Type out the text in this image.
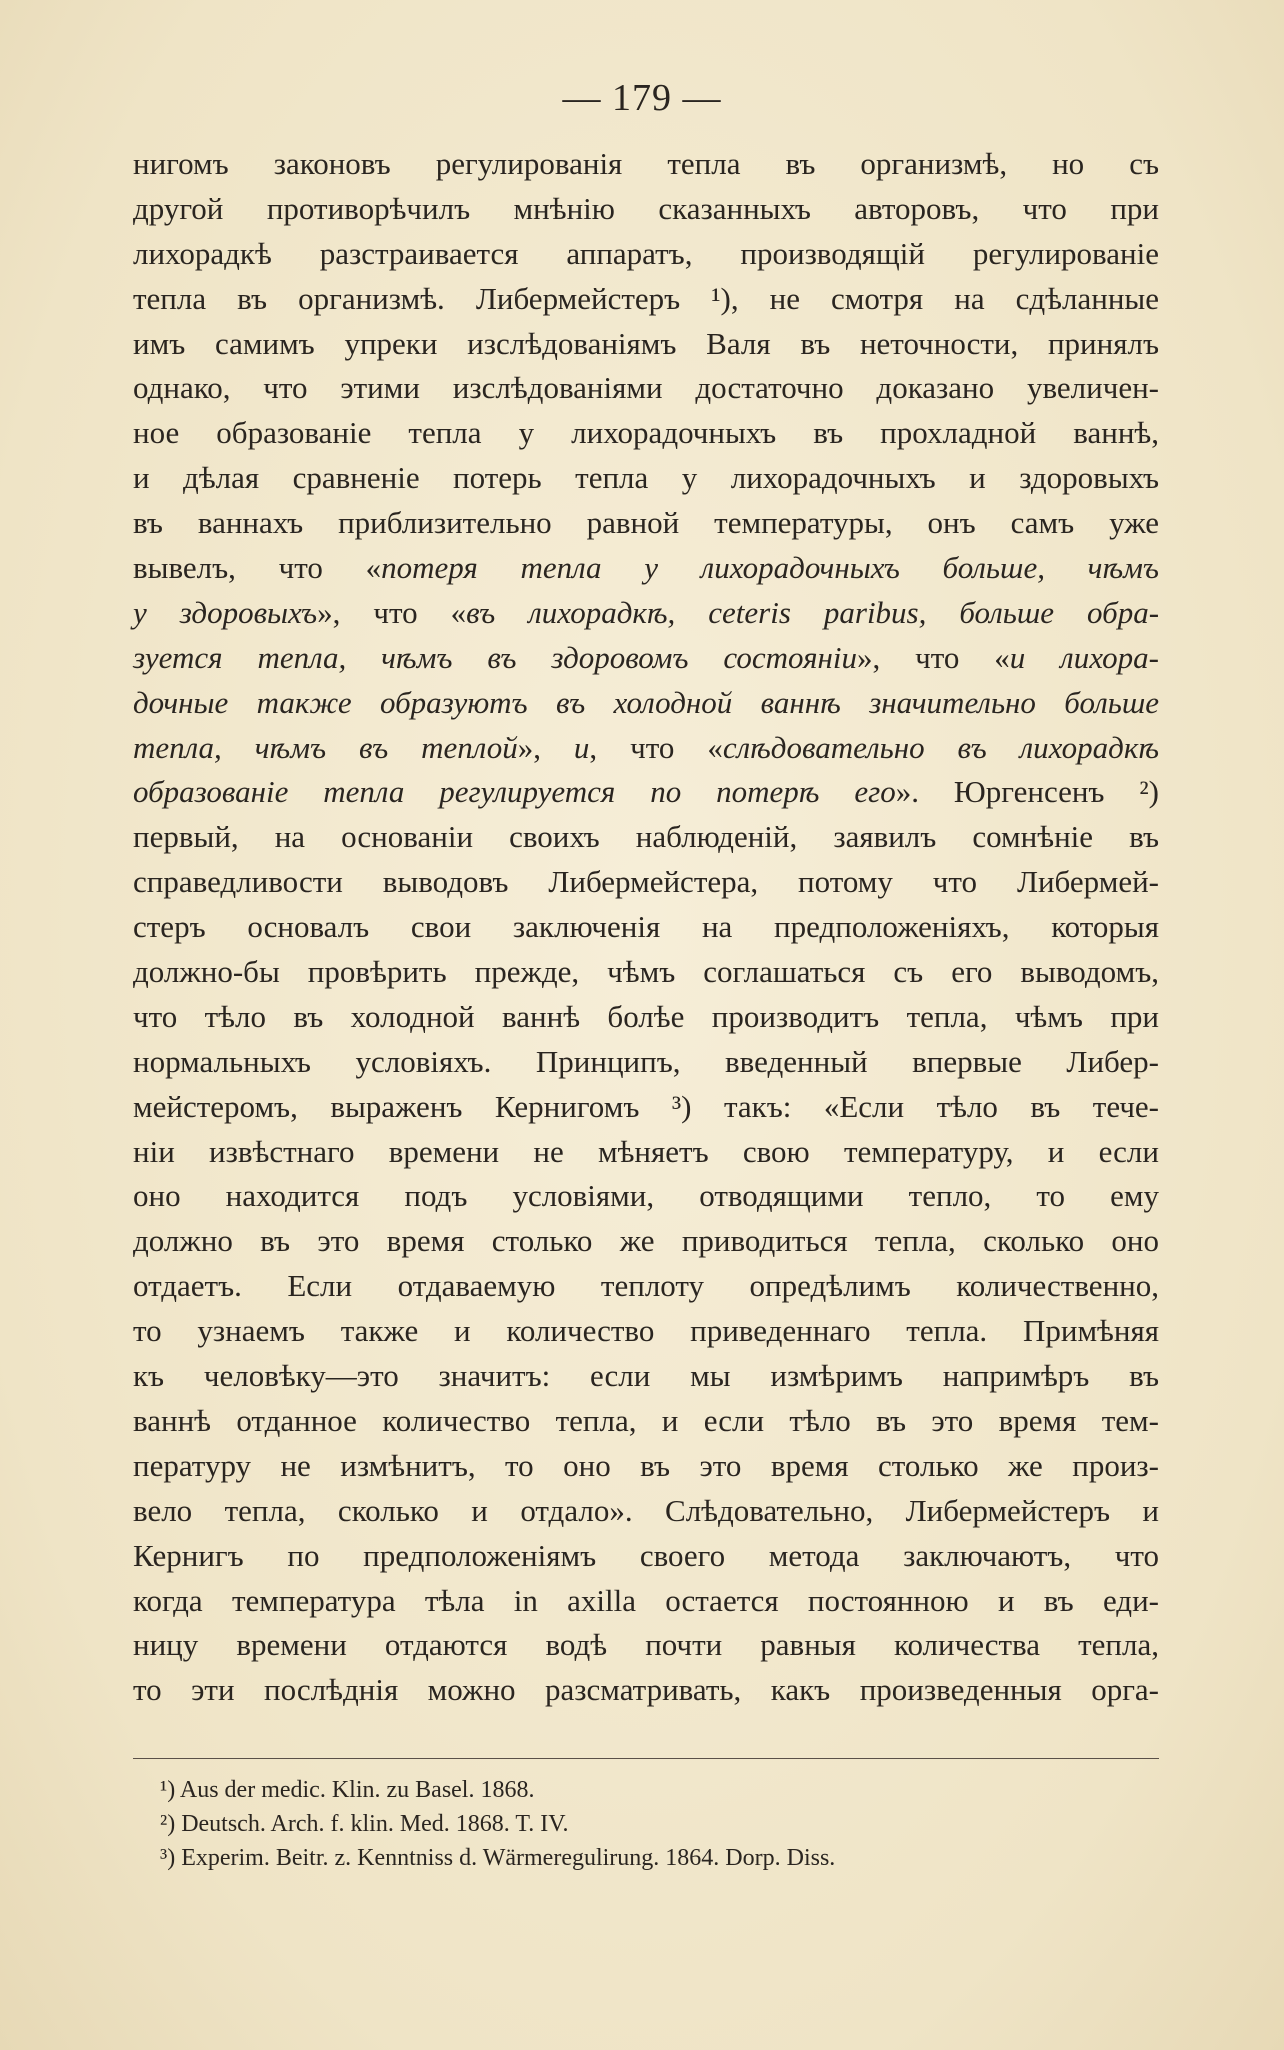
— 179 —
нигомъ законовъ регулированія тепла въ организмѣ, но съ
другой противорѣчилъ мнѣнію сказанныхъ авторовъ, что при
лихорадкѣ разстраивается аппаратъ, производящій регулированіе
тепла въ организмѣ. Либермейстеръ ¹), не смотря на сдѣланные
имъ самимъ упреки изслѣдованіямъ Валя въ неточности, принялъ
однако, что этими изслѣдованіями достаточно доказано увеличен-
ное образованіе тепла у лихорадочныхъ въ прохладной ваннѣ,
и дѣлая сравненіе потерь тепла у лихорадочныхъ и здоровыхъ
въ ваннахъ приблизительно равной температуры, онъ самъ уже
вывелъ, что «потеря тепла у лихорадочныхъ больше, чѣмъ
у здоровыхъ», что «въ лихорадкѣ, ceteris paribus, больше обра-
зуется тепла, чѣмъ въ здоровомъ состояніи», что «и лихора-
дочные также образуютъ въ холодной ваннѣ значительно больше
тепла, чѣмъ въ теплой», и, что «слѣдовательно въ лихорадкѣ
образованіе тепла регулируется по потерѣ его». Юргенсенъ ²)
первый, на основаніи своихъ наблюденій, заявилъ сомнѣніе въ
справедливости выводовъ Либермейстера, потому что Либермей-
стеръ основалъ свои заключенія на предположеніяхъ, которыя
должно-бы провѣрить прежде, чѣмъ соглашаться съ его выводомъ,
что тѣло въ холодной ваннѣ болѣе производитъ тепла, чѣмъ при
нормальныхъ условіяхъ. Принципъ, введенный впервые Либер-
мейстеромъ, выраженъ Кернигомъ ³) такъ: «Если тѣло въ тече-
ніи извѣстнаго времени не мѣняетъ свою температуру, и если
оно находится подъ условіями, отводящими тепло, то ему
должно въ это время столько же приводиться тепла, сколько оно
отдаетъ. Если отдаваемую теплоту опредѣлимъ количественно,
то узнаемъ также и количество приведеннаго тепла. Примѣняя
къ человѣку—это значитъ: если мы измѣримъ напримѣръ въ
ваннѣ отданное количество тепла, и если тѣло въ это время тем-
пературу не измѣнитъ, то оно въ это время столько же произ-
вело тепла, сколько и отдало». Слѣдовательно, Либермейстеръ и
Кернигъ по предположеніямъ своего метода заключаютъ, что
когда температура тѣла in axilla остается постоянною и въ еди-
ницу времени отдаются водѣ почти равныя количества тепла,
то эти послѣднія можно разсматривать, какъ произведенныя орга-
¹) Aus der medic. Klin. zu Basel. 1868.
²) Deutsch. Arch. f. klin. Med. 1868. T. IV.
³) Experim. Beitr. z. Kenntniss d. Wärmeregulirung. 1864. Dorp. Diss.
